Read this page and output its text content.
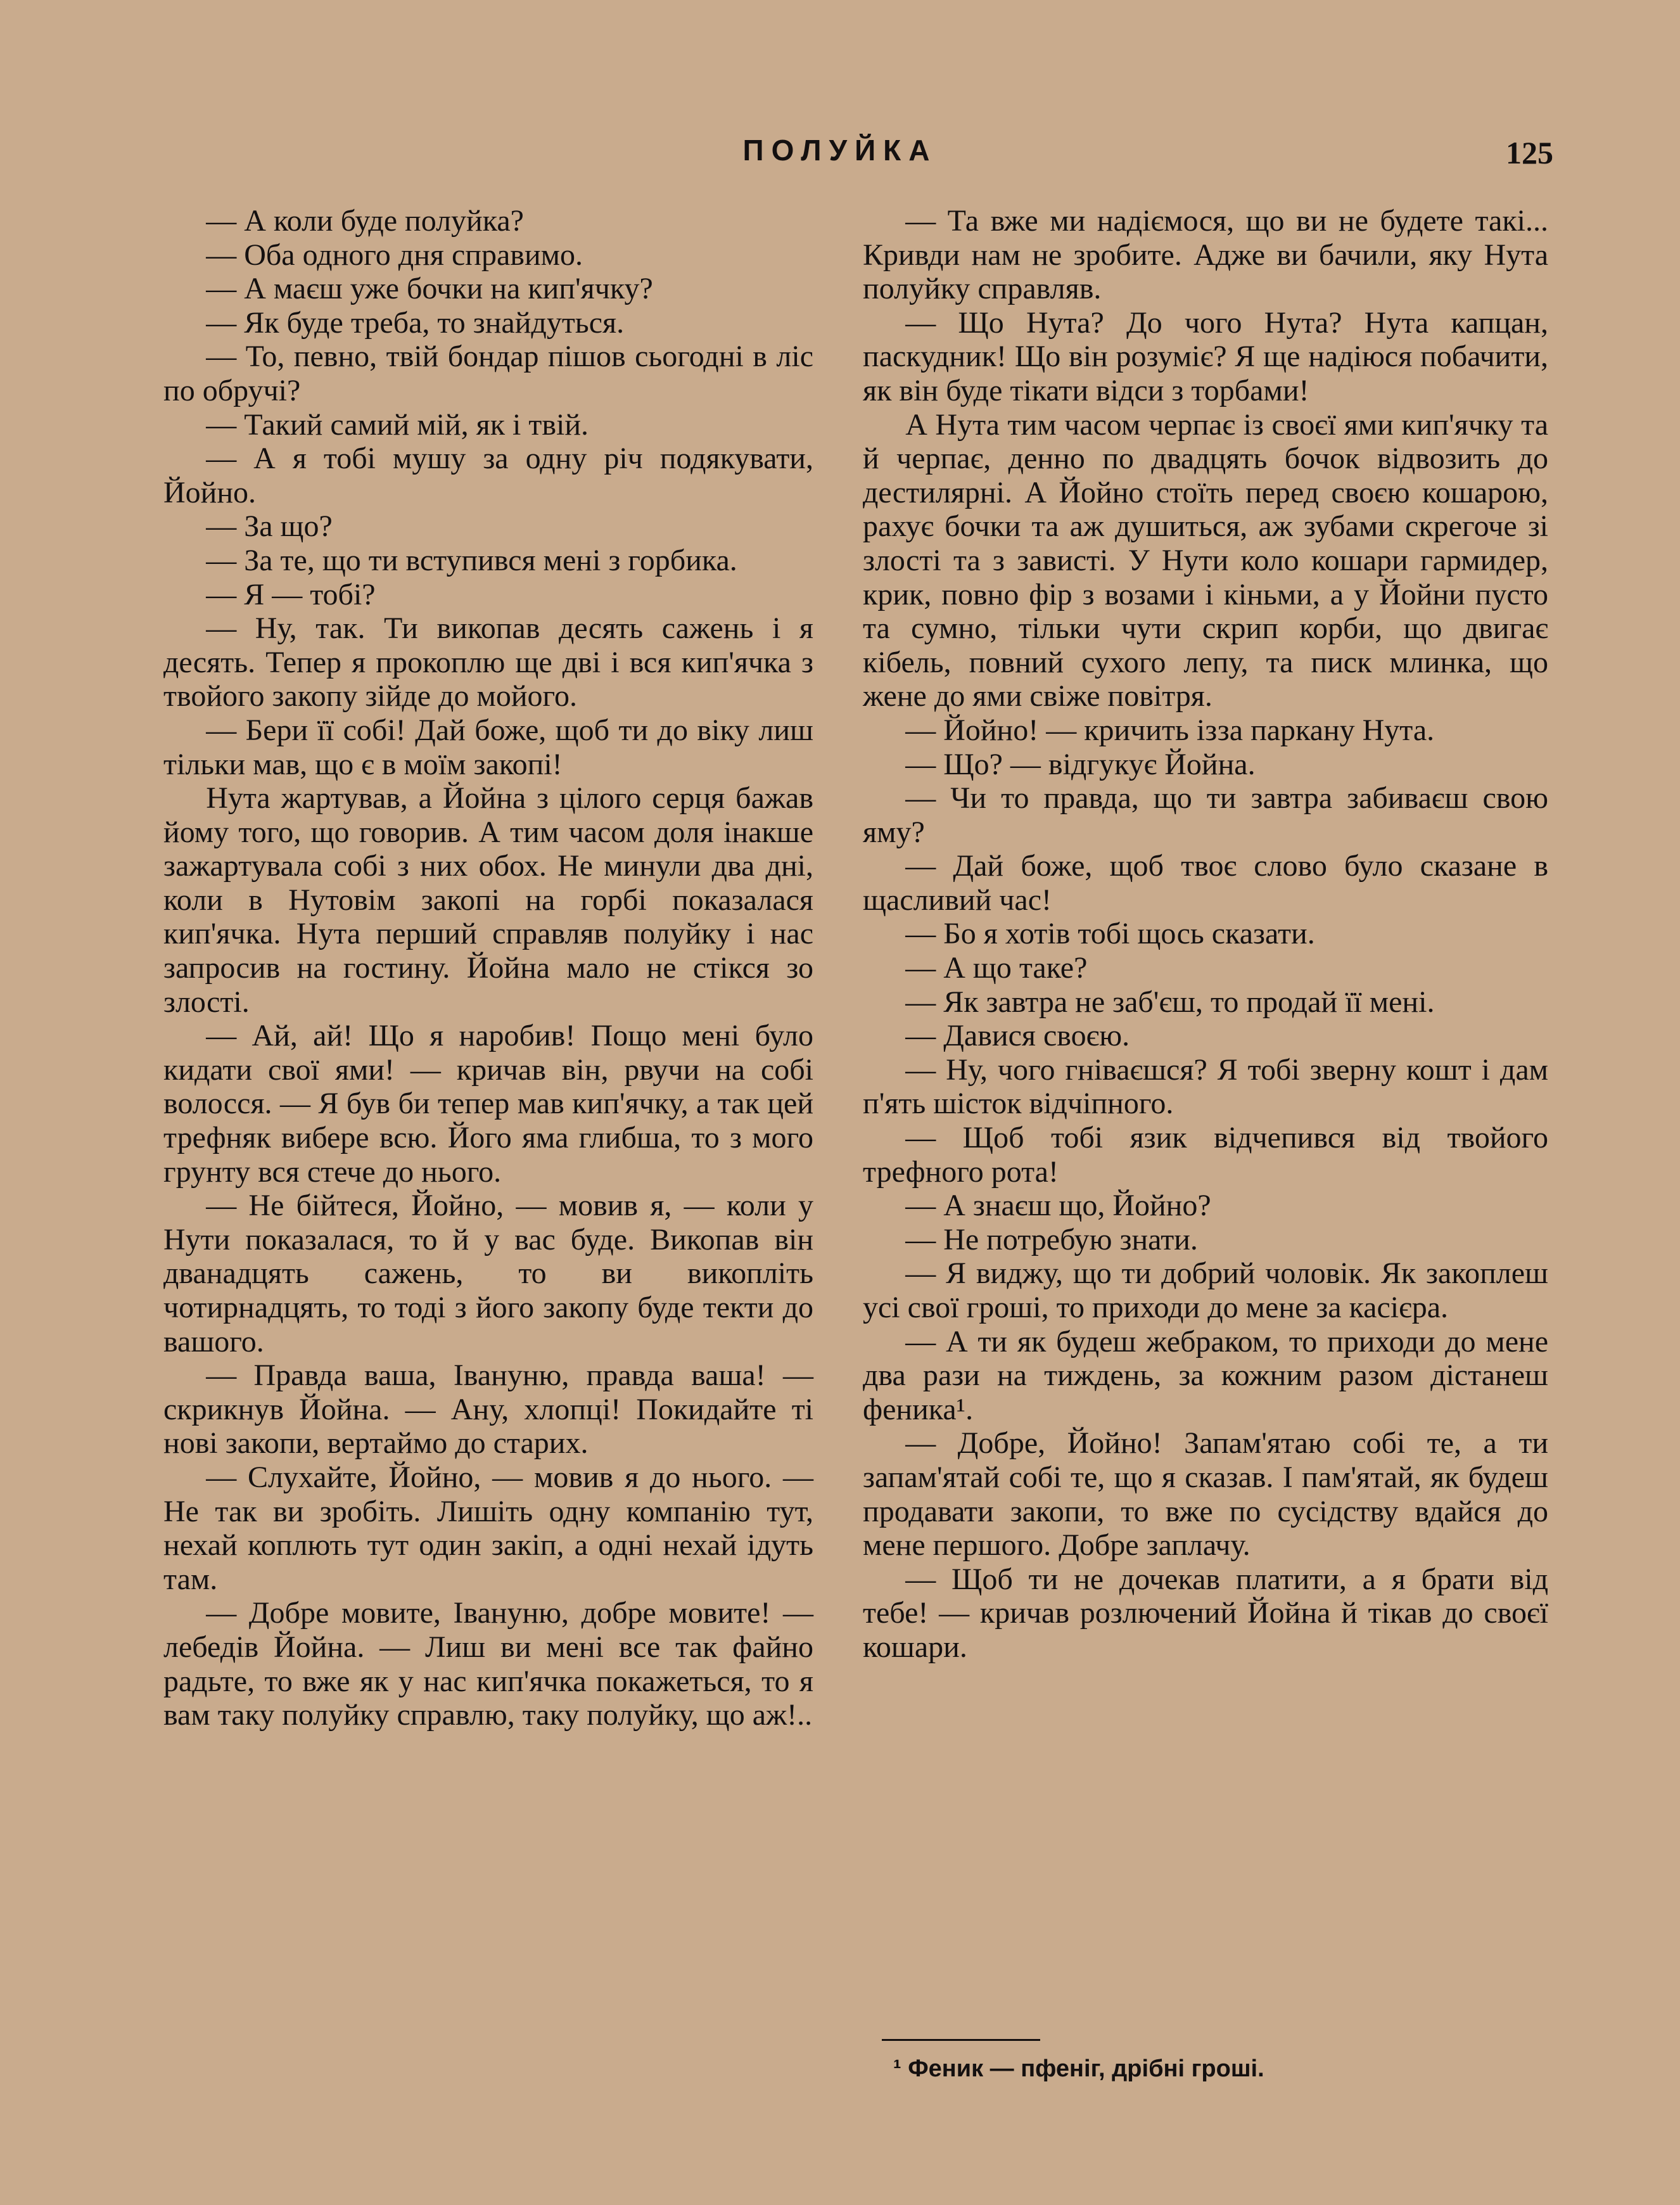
ПОЛУЙКА	125

— А коли буде полуйка?

— Оба одного дня справимо.

— А маєш уже бочки на кип'ячку?

— Як буде треба, то знайдуться.

— То, певно, твій бондар пішов сьогодні в ліс по обручі?

— Такий самий мій, як і твій.

— А я тобі мушу за одну річ подякувати, Йойно.

— За що?

— За те, що ти вступився мені з горбика.

— Я — тобі?

— Ну, так. Ти викопав десять сажень і я десять. Тепер я прокоплю ще дві і вся кип'ячка з твойого закопу зійде до мойого.

— Бери її собі! Дай боже, щоб ти до віку лиш тільки мав, що є в моїм закопі!

Нута жартував, а Йойна з цілого серця бажав йому того, що говорив. А тим часом доля інакше зажартувала собі з них обох. Не минули два дні, коли в Нутовім закопі на горбі показалася кип'ячка. Нута перший справляв полуйку і нас запросив на гостину. Йойна мало не стікся зо злості.

— Ай, ай! Що я наробив! Пощо мені було кидати свої ями! — кричав він, рвучи на собі волосся. — Я був би тепер мав кип'ячку, а так цей трефняк вибере всю. Його яма глибша, то з мого грунту вся стече до нього.

— Не бійтеся, Йойно, — мовив я, — коли у Нути показалася, то й у вас буде. Викопав він дванадцять сажень, то ви викопліть чотирнадцять, то тоді з його закопу буде текти до вашого.

— Правда ваша, Івануню, правда ваша! — скрикнув Йойна. — Ану, хлопці! Покидайте ті нові закопи, вертаймо до старих.

— Слухайте, Йойно, — мовив я до нього. — Не так ви зробіть. Лишіть одну компанію тут, нехай коплють тут один закіп, а одні нехай ідуть там.

— Добре мовите, Івануню, добре мовите! — лебедів Йойна. — Лиш ви мені все так файно радьте, то вже як у нас кип'ячка покажеться, то я вам таку полуйку справлю, таку полуйку, що аж!..

— Та вже ми надіємося, що ви не будете такі... Кривди нам не зробите. Адже ви бачили, яку Нута полуйку справляв.

— Що Нута? До чого Нута? Нута капцан, паскудник! Що він розуміє? Я ще надіюся побачити, як він буде тікати відси з торбами!

А Нута тим часом черпає із своєї ями кип'ячку та й черпає, денно по двадцять бочок відвозить до дестилярні. А Йойно стоїть перед своєю кошарою, рахує бочки та аж душиться, аж зубами скрегоче зі злості та з зависті. У Нути коло кошари гармидер, крик, повно фір з возами і кіньми, а у Йойни пусто та сумно, тільки чути скрип корби, що двигає кібель, повний сухого лепу, та писк млинка, що жене до ями свіже повітря.

— Йойно! — кричить ізза паркану Нута.

— Що? — відгукує Йойна.

— Чи то правда, що ти завтра забиваєш свою яму?

— Дай боже, щоб твоє слово було сказане в щасливий час!

— Бо я хотів тобі щось сказати.

— А що таке?

— Як завтра не заб'єш, то продай її мені.

— Давися своєю.

— Ну, чого гніваєшся? Я тобі зверну кошт і дам п'ять шісток відчіпного.

— Щоб тобі язик відчепився від твойого трефного рота!

— А знаєш що, Йойно?

— Не потребую знати.

— Я виджу, що ти добрий чоловік. Як закоплеш усі свої гроші, то приходи до мене за касієра.

— А ти як будеш жебраком, то приходи до мене два рази на тиждень, за кожним разом дістанеш феника¹.

— Добре, Йойно! Запам'ятаю собі те, а ти запам'ятай собі те, що я сказав. І пам'ятай, як будеш продавати закопи, то вже по сусідству вдайся до мене першого. Добре заплачу.

— Щоб ти не дочекав платити, а я брати від тебе! — кричав розлючений Йойна й тікав до своєї кошари.

¹ Феник — пфеніг, дрібні гроші.
